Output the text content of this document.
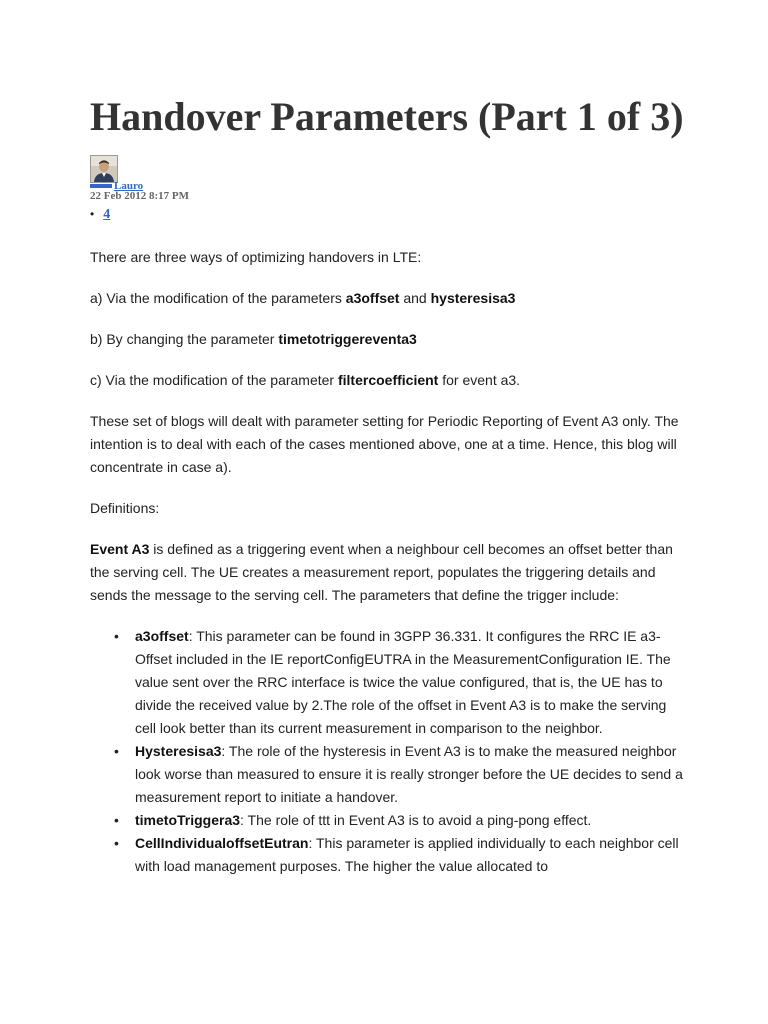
Handover Parameters (Part 1 of 3)
Lauro
22 Feb 2012 8:17 PM
• 4

There are three ways of optimizing handovers in LTE:

a) Via the modification of the parameters a3offset and hysteresisa3

b) By changing the parameter timetotriggereventa3

c) Via the modification of the parameter filtercoefficient for event a3.

These set of blogs will dealt with parameter setting for Periodic Reporting of Event A3 only. The intention is to deal with each of the cases mentioned above, one at a time. Hence, this blog will concentrate in case a).

Definitions:

Event A3 is defined as a triggering event when a neighbour cell becomes an offset better than the serving cell. The UE creates a measurement report, populates the triggering details and sends the message to the serving cell. The parameters that define the trigger include:

• a3offset: This parameter can be found in 3GPP 36.331. It configures the RRC IE a3-Offset included in the IE reportConfigEUTRA in the MeasurementConfiguration IE. The value sent over the RRC interface is twice the value configured, that is, the UE has to divide the received value by 2.The role of the offset in Event A3 is to make the serving cell look better than its current measurement in comparison to the neighbor.
• Hysteresisa3: The role of the hysteresis in Event A3 is to make the measured neighbor look worse than measured to ensure it is really stronger before the UE decides to send a measurement report to initiate a handover.
• timetoTriggera3: The role of ttt in Event A3 is to avoid a ping-pong effect.
• CellIndividualoffsetEutran: This parameter is applied individually to each neighbor cell with load management purposes. The higher the value allocated to
